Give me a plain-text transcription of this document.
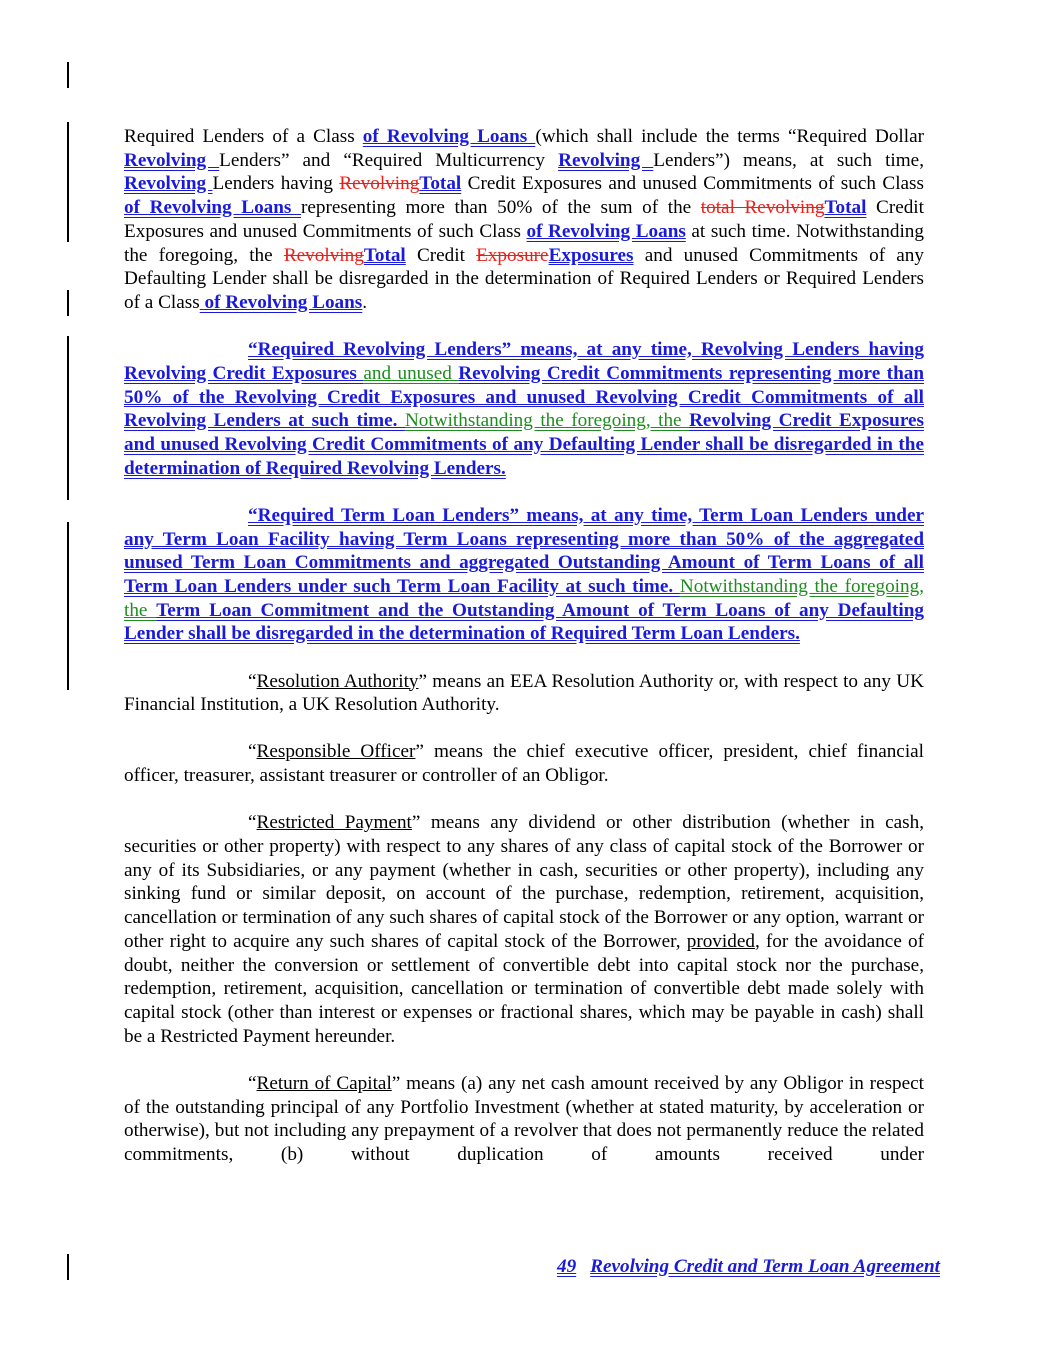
Required Lenders of a Class of Revolving Loans (which shall include the terms “Required Dollar Revolving Lenders” and “Required Multicurrency Revolving Lenders”) means, at such time, Revolving Lenders having RevolvingTotal Credit Exposures and unused Commitments of such Class of Revolving Loans representing more than 50% of the sum of the total RevolvingTotal Credit Exposures and unused Commitments of such Class of Revolving Loans at such time. Notwithstanding the foregoing, the RevolvingTotal Credit ExposureExposures and unused Commitments of any Defaulting Lender shall be disregarded in the determination of Required Lenders or Required Lenders of a Class of Revolving Loans.

“Required Revolving Lenders” means, at any time, Revolving Lenders having Revolving Credit Exposures and unused Revolving Credit Commitments representing more than 50% of the Revolving Credit Exposures and unused Revolving Credit Commitments of all Revolving Lenders at such time. Notwithstanding the foregoing, the Revolving Credit Exposures and unused Revolving Credit Commitments of any Defaulting Lender shall be disregarded in the determination of Required Revolving Lenders.

“Required Term Loan Lenders” means, at any time, Term Loan Lenders under any Term Loan Facility having Term Loans representing more than 50% of the aggregated unused Term Loan Commitments and aggregated Outstanding Amount of Term Loans of all Term Loan Lenders under such Term Loan Facility at such time. Notwithstanding the foregoing, the Term Loan Commitment and the Outstanding Amount of Term Loans of any Defaulting Lender shall be disregarded in the determination of Required Term Loan Lenders.

“Resolution Authority” means an EEA Resolution Authority or, with respect to any UK Financial Institution, a UK Resolution Authority.

“Responsible Officer” means the chief executive officer, president, chief financial officer, treasurer, assistant treasurer or controller of an Obligor.

“Restricted Payment” means any dividend or other distribution (whether in cash, securities or other property) with respect to any shares of any class of capital stock of the Borrower or any of its Subsidiaries, or any payment (whether in cash, securities or other property), including any sinking fund or similar deposit, on account of the purchase, redemption, retirement, acquisition, cancellation or termination of any such shares of capital stock of the Borrower or any option, warrant or other right to acquire any such shares of capital stock of the Borrower, provided, for the avoidance of doubt, neither the conversion or settlement of convertible debt into capital stock nor the purchase, redemption, retirement, acquisition, cancellation or termination of convertible debt made solely with capital stock (other than interest or expenses or fractional shares, which may be payable in cash) shall be a Restricted Payment hereunder.

“Return of Capital” means (a) any net cash amount received by any Obligor in respect of the outstanding principal of any Portfolio Investment (whether at stated maturity, by acceleration or otherwise), but not including any prepayment of a revolver that does not permanently reduce the related commitments, (b) without duplication of amounts received under

49 Revolving Credit and Term Loan Agreement
